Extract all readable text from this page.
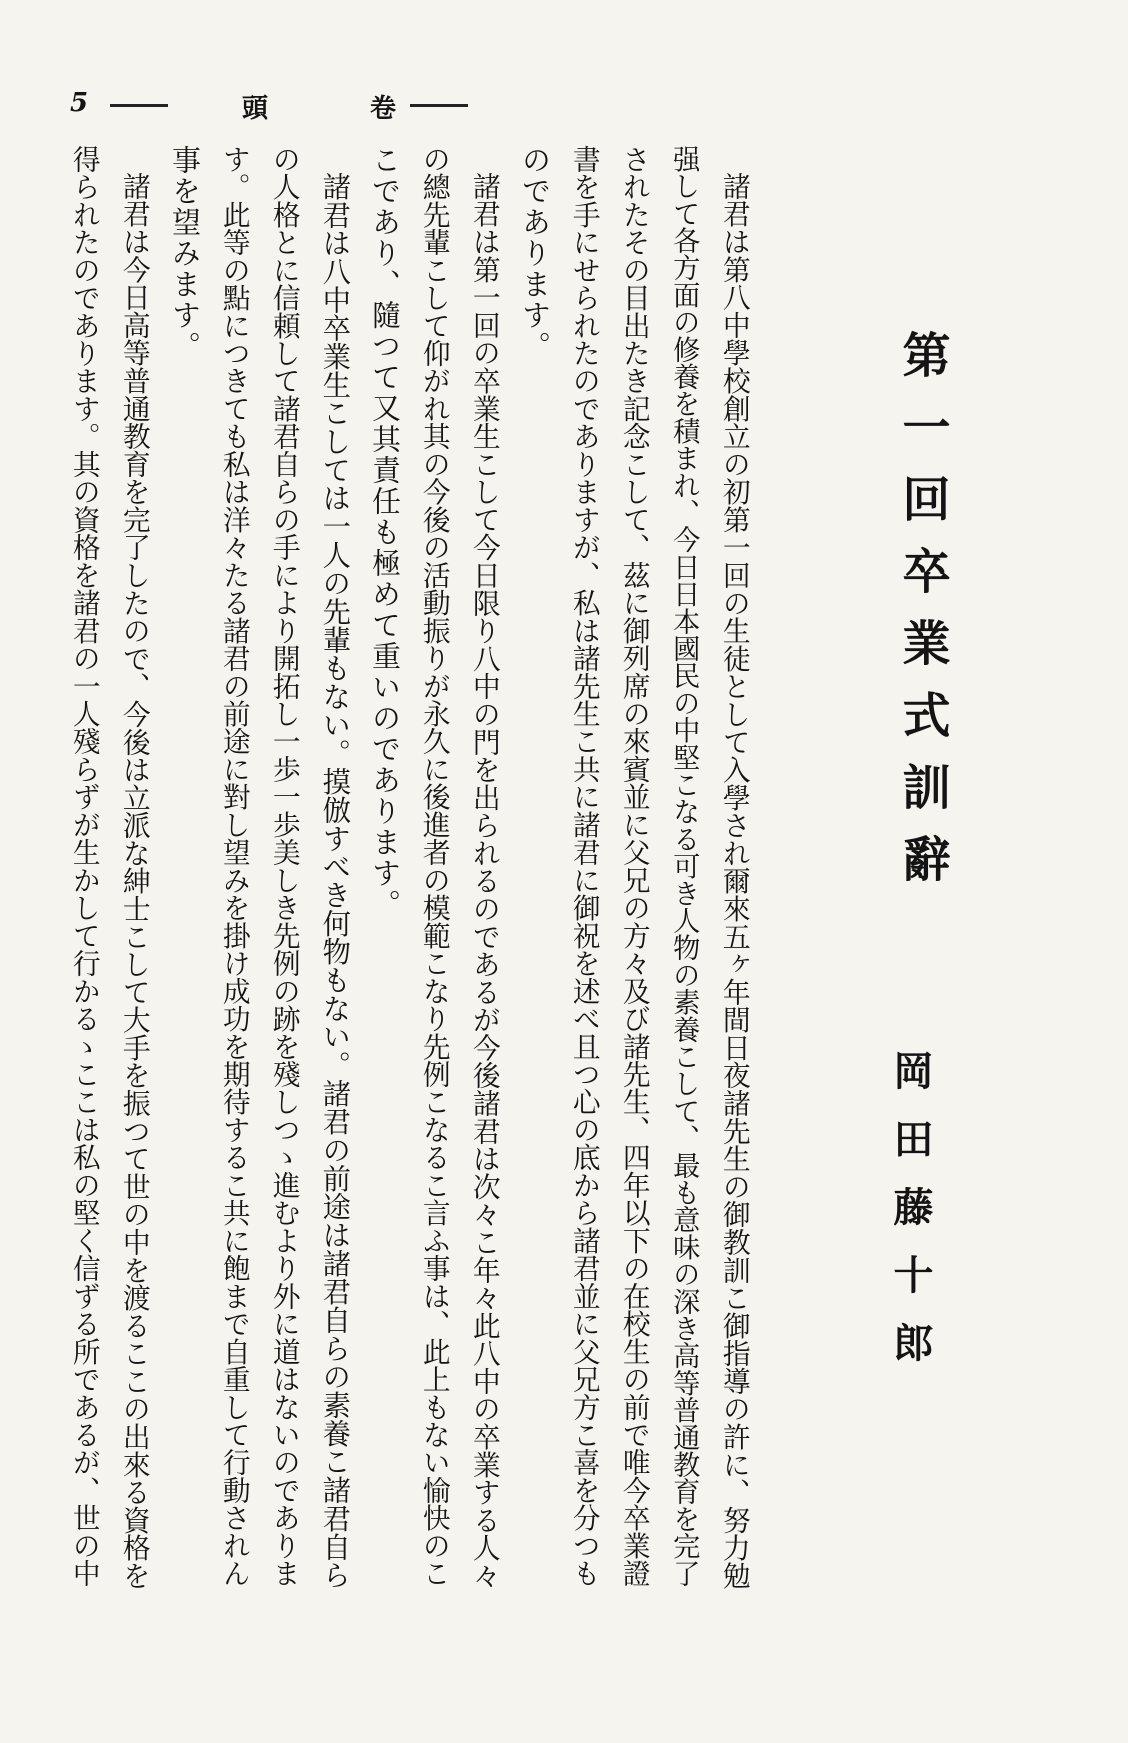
5	頭	卷
第一回卒業式訓辭
岡田藤十郎
諸君は第八中學校創立の初第一回の生徒として入學され爾來五ヶ年間日夜諸先生の御教訓こ御指導の許に、努力勉
强して各方面の修養を積まれ、今日日本國民の中堅こなる可き人物の素養こして、最も意味の深き高等普通教育を完了
されたその目出たき記念こして、茲に御列席の來賓並に父兄の方々及び諸先生、四年以下の在校生の前で唯今卒業證
書を手にせられたのでありますが、私は諸先生こ共に諸君に御祝を述べ且つ心の底から諸君並に父兄方こ喜を分つも
のであります。
諸君は第一回の卒業生こして今日限り八中の門を出られるのであるが今後諸君は次々こ年々此八中の卒業する人々
の總先輩こして仰がれ其の今後の活動振りが永久に後進者の模範こなり先例こなるこ言ふ事は、此上もない愉快のこ
こであり、隨つて又其責任も極めて重いのであります。
諸君は八中卒業生こしては一人の先輩もない。摸倣すべき何物もない。諸君の前途は諸君自らの素養こ諸君自ら
の人格とに信頼して諸君自らの手により開拓し一歩一歩美しき先例の跡を殘しつゝ進むより外に道はないのでありま
す。此等の點につきても私は洋々たる諸君の前途に對し望みを掛け成功を期待するこ共に飽まで自重して行動されん
事を望みます。
諸君は今日高等普通教育を完了したので、今後は立派な紳士こして大手を振つて世の中を渡るここの出來る資格を
得られたのであります。其の資格を諸君の一人殘らずが生かして行かるゝここは私の堅く信ずる所であるが、世の中
